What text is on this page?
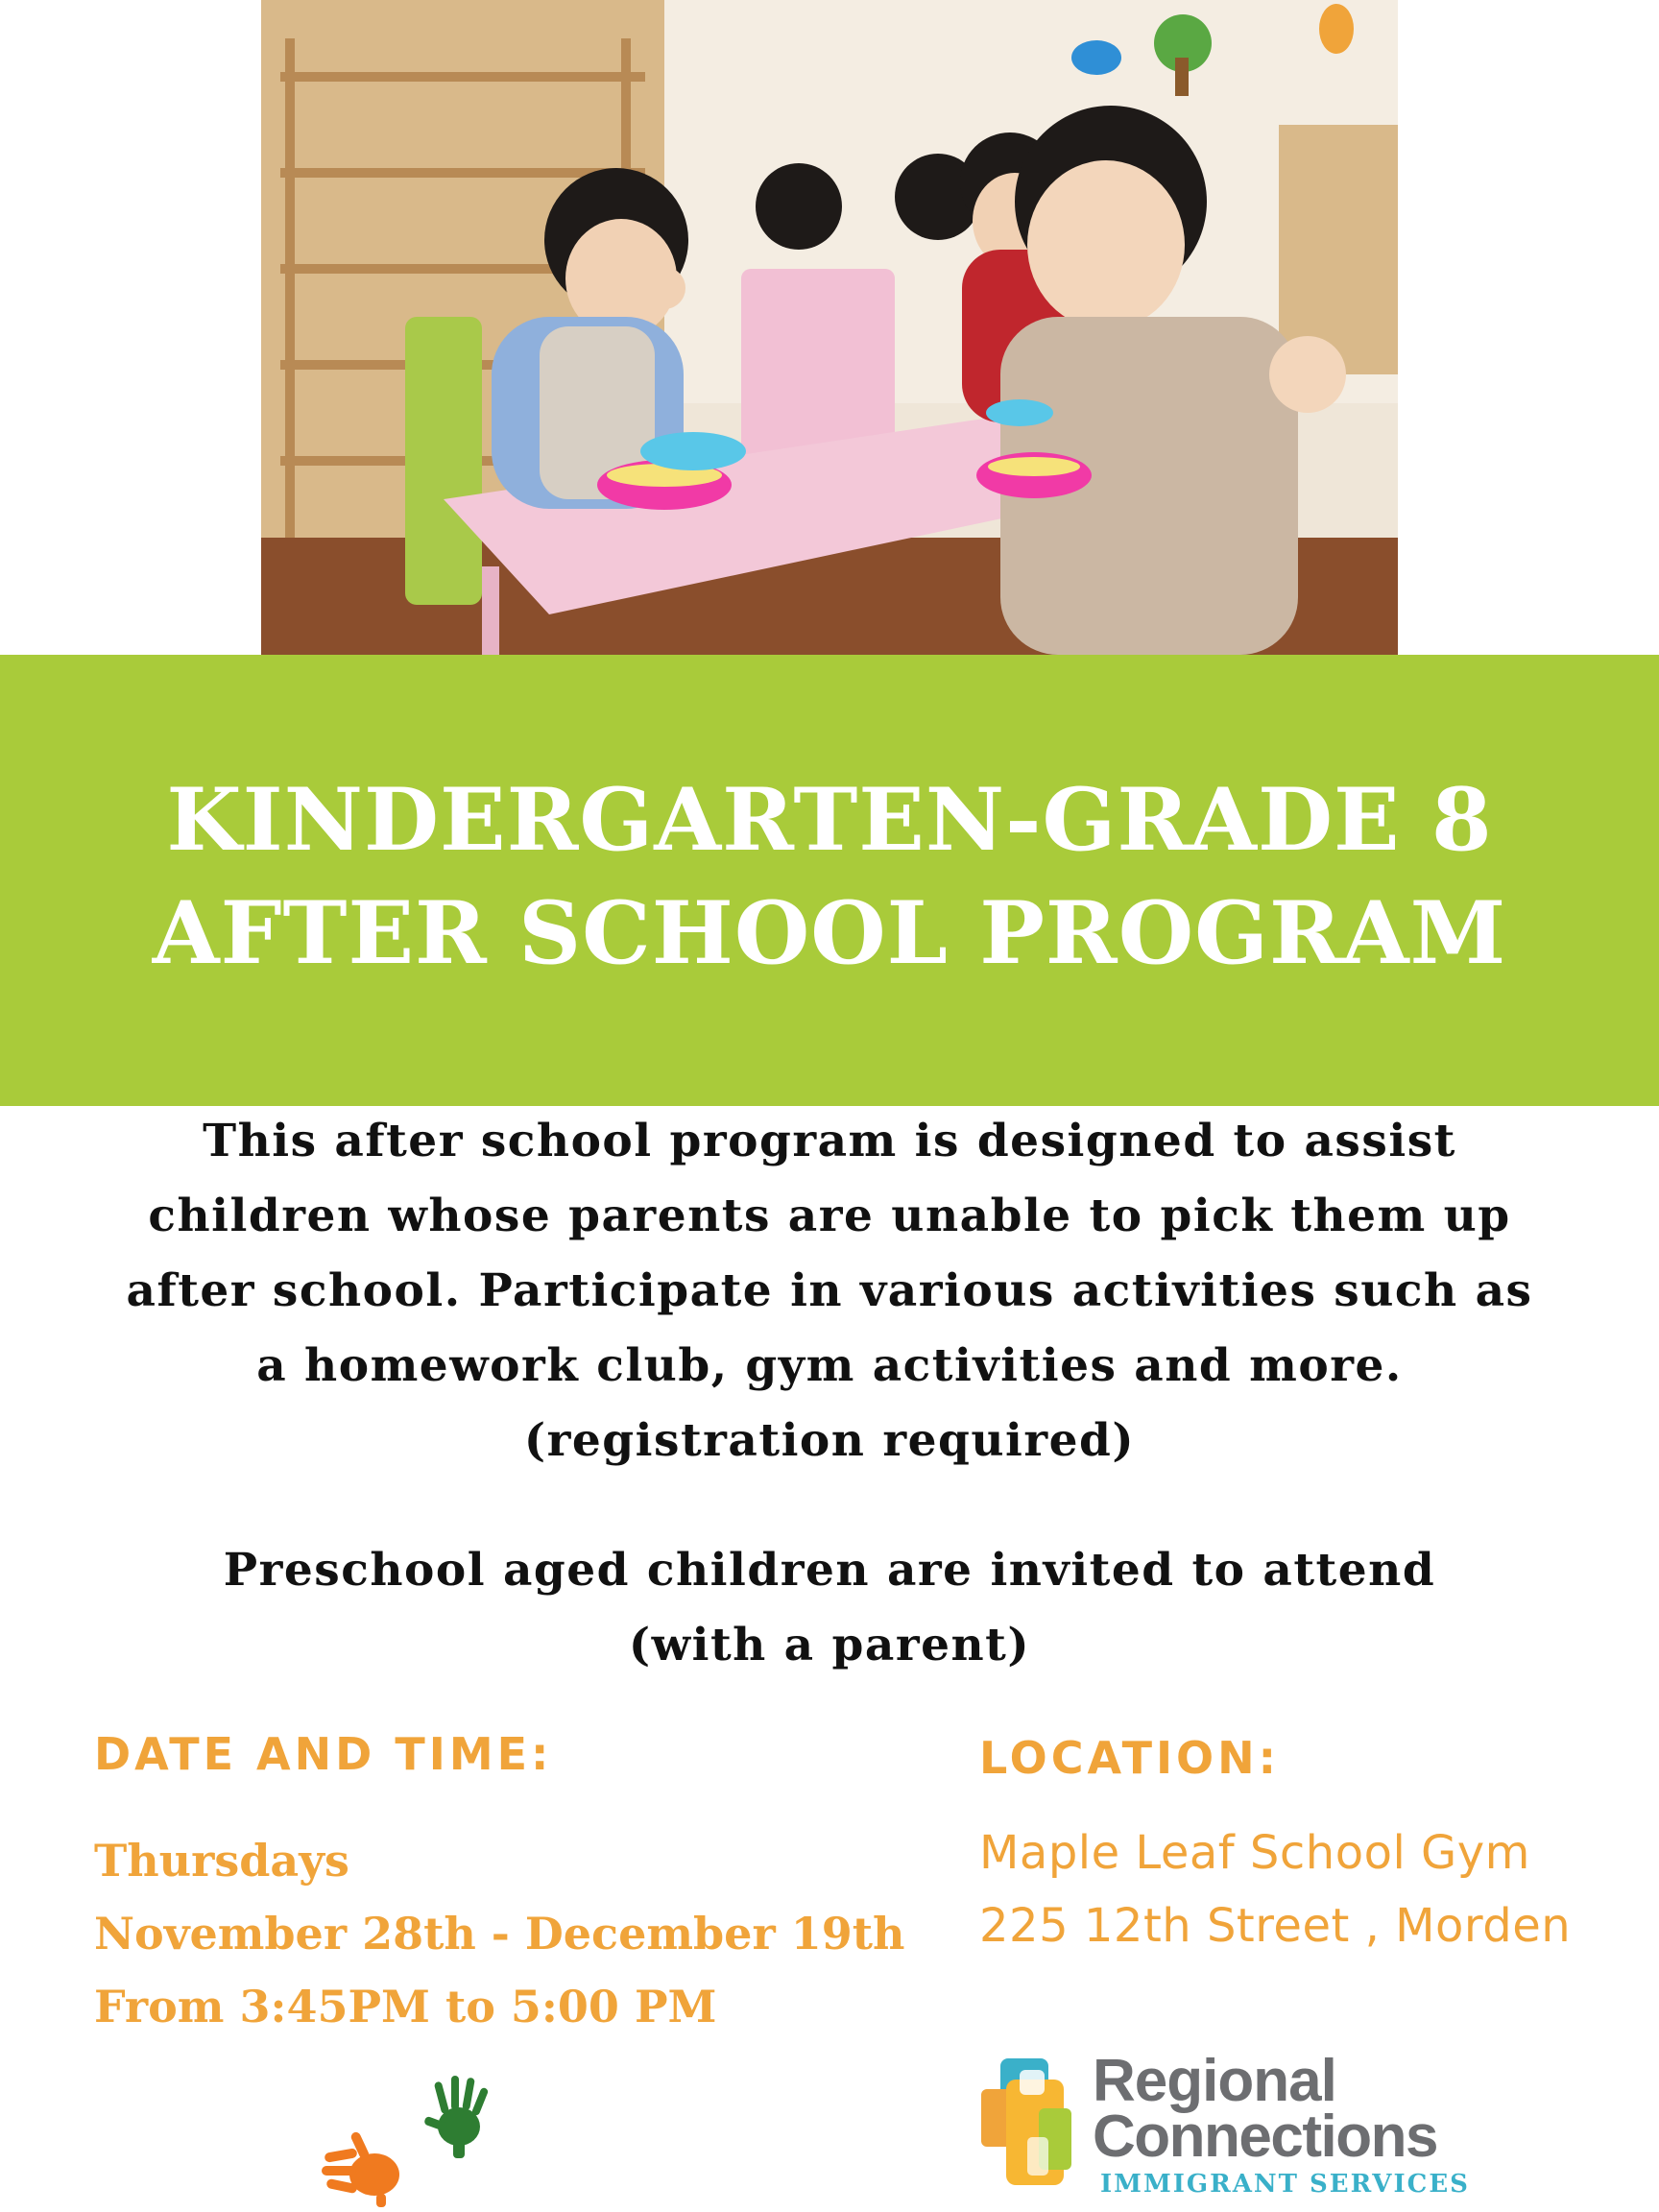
KINDERGARTEN-GRADE 8
AFTER SCHOOL PROGRAM

This after school program is designed to assist

children whose parents are unable to pick them up

after school. Participate in various activities such as

a homework club, gym activities and more.

(registration required)

Preschool aged children are invited to attend

(with a parent)

DATE AND TIME:

Thursdays

November 28th - December 19th

From 3:45PM to 5:00 PM

LOCATION:

Maple Leaf School Gym

225 12th Street , Morden

Regional

Connections

IMMIGRANT SERVICES
